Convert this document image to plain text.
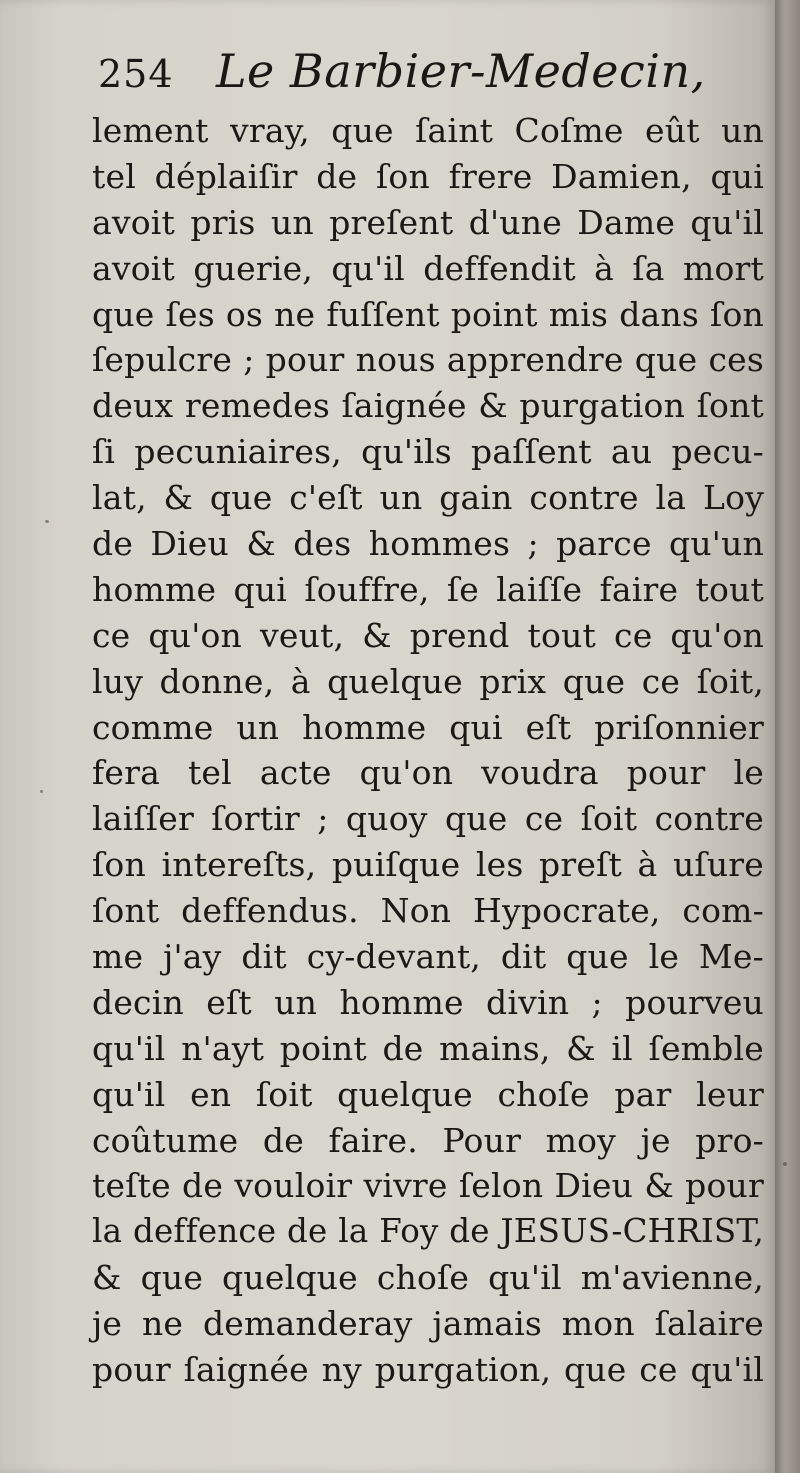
254 Le Barbier-Medecin,
lement vray, que ſaint Coſme eût un
tel déplaiſir de ſon frere Damien, qui
avoit pris un preſent d'une Dame qu'il
avoit guerie, qu'il deffendit à ſa mort
que ſes os ne fuſſent point mis dans ſon
ſepulcre ; pour nous apprendre que ces
deux remedes ſaignée & purgation ſont
ſi pecuniaires, qu'ils paſſent au pecu-
lat, & que c'eſt un gain contre la Loy
de Dieu & des hommes ; parce qu'un
homme qui ſouffre, ſe laiſſe faire tout
ce qu'on veut, & prend tout ce qu'on
luy donne, à quelque prix que ce ſoit,
comme un homme qui eſt priſonnier
fera tel acte qu'on voudra pour le
laiſſer ſortir ; quoy que ce ſoit contre
ſon intereſts, puiſque les preſt à uſure
ſont deffendus. Non Hypocrate, com-
me j'ay dit cy-devant, dit que le Me-
decin eſt un homme divin ; pourveu
qu'il n'ayt point de mains, & il ſemble
qu'il en ſoit quelque choſe par leur
coûtume de faire. Pour moy je pro-
teſte de vouloir vivre ſelon Dieu & pour
la deffence de la Foy de JESUS-CHRIST,
& que quelque choſe qu'il m'avienne,
je ne demanderay jamais mon ſalaire
pour ſaignée ny purgation, que ce qu'il
